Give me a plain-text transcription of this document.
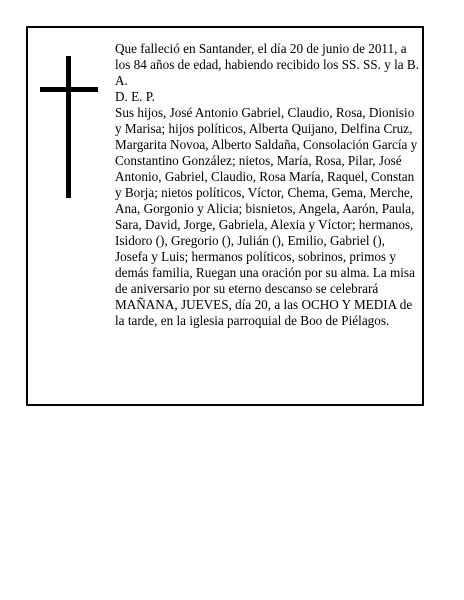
Que falleció en Santander, el día 20 de junio de 2011, a los 84 años de edad, habiendo recibido los SS. SS. y la B. A.

D. E. P.

Sus hijos, José Antonio Gabriel, Claudio, Rosa, Dionisio y Marisa; hijos políticos, Alberta Quijano, Delfina Cruz, Margarita Novoa, Alberto Saldaña, Consolación García y Constantino González; nietos, María, Rosa, Pilar, José Antonio, Gabriel, Claudio, Rosa María, Raquel, Constan y Borja; nietos políticos, Víctor, Chema, Gema, Merche, Ana, Gorgonio y Alicia; bisnietos, Angela, Aarón, Paula, Sara, David, Jorge, Gabriela, Alexia y Víctor; hermanos, Isidoro (), Gregorio (), Julián (), Emilio, Gabriel (), Josefa y Luis; hermanos políticos, sobrinos, primos y demás familia, Ruegan una oración por su alma. La misa de aniversario por su eterno descanso se celebrará MAÑANA, JUEVES, día 20, a las OCHO Y MEDIA de la tarde, en la iglesia parroquial de Boo de Piélagos.
